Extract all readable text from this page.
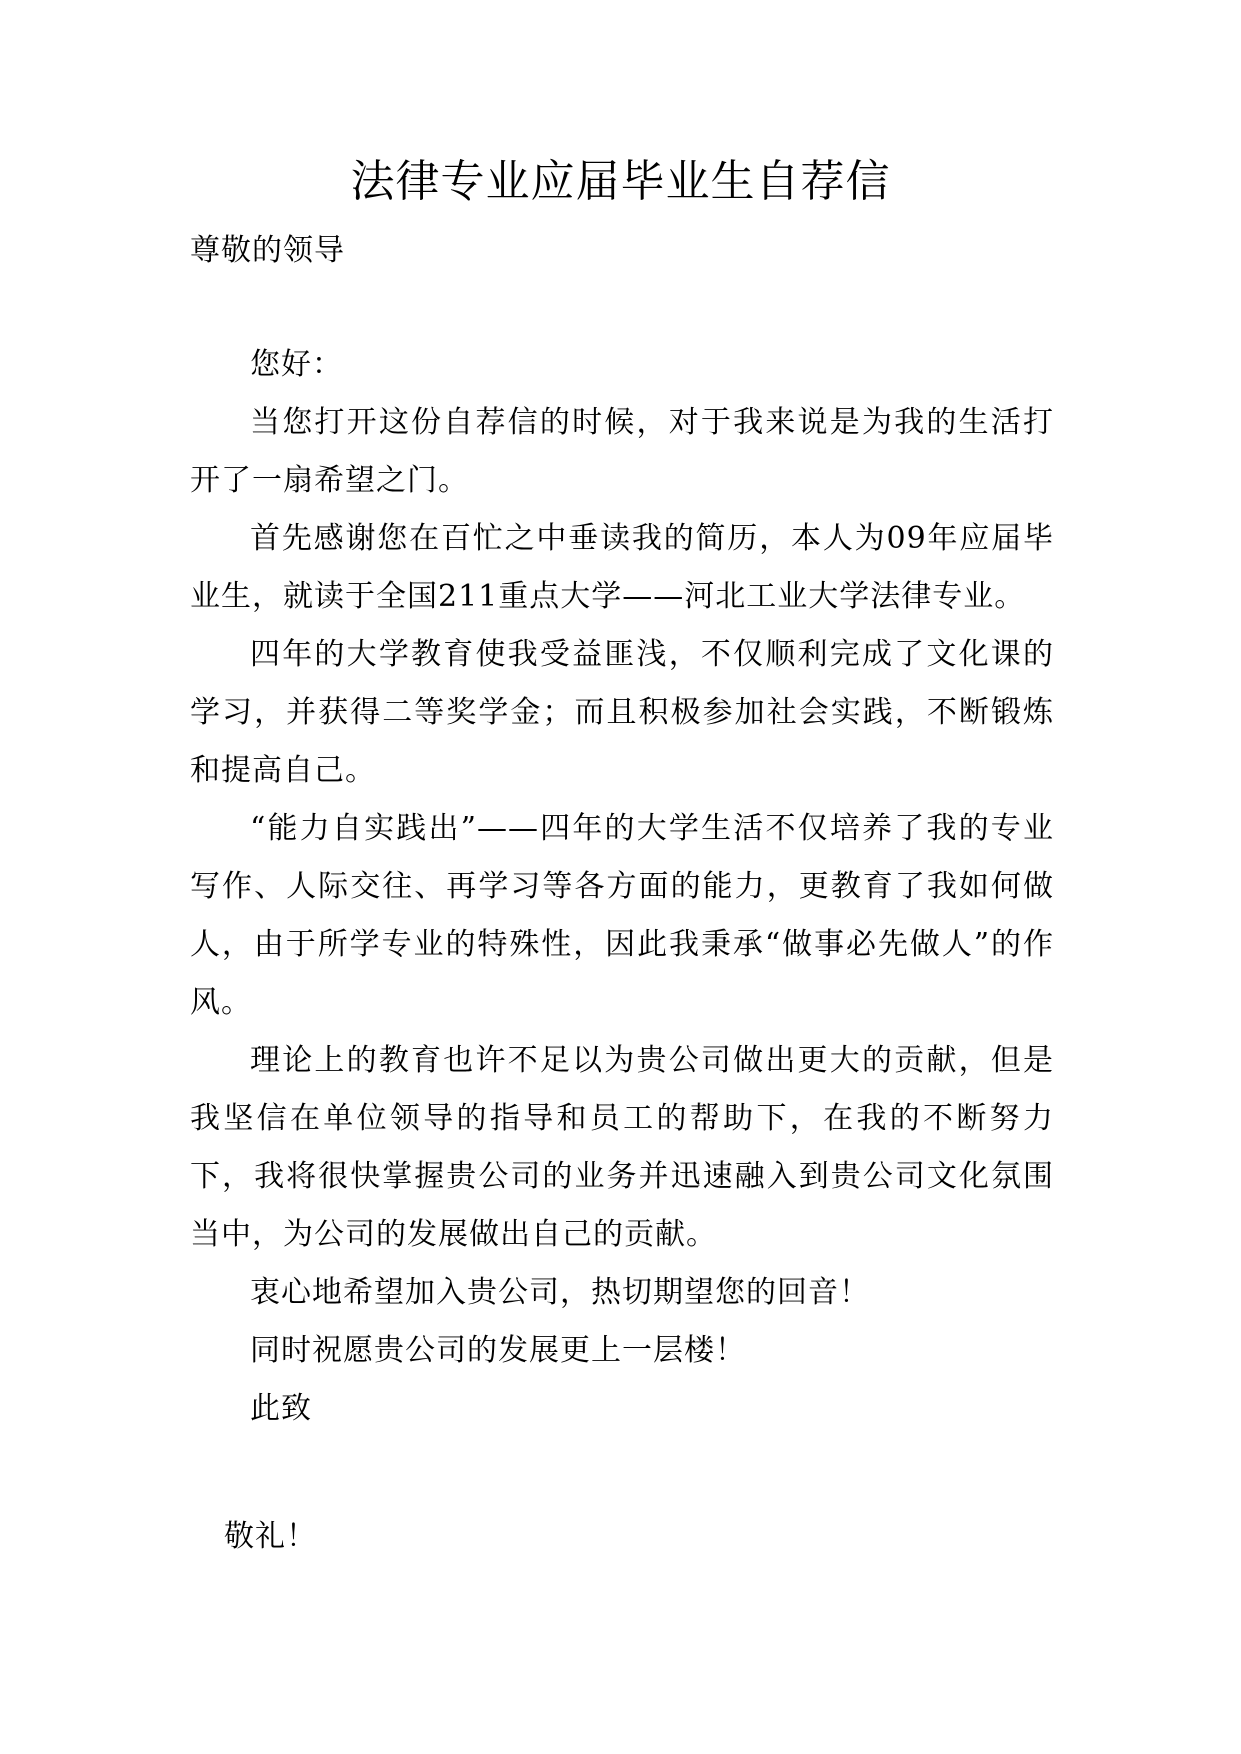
法律专业应届毕业生自荐信
尊敬的领导

您好：

当您打开这份自荐信的时候，对于我来说是为我的生活打开了一扇希望之门。

首先感谢您在百忙之中垂读我的简历，本人为09年应届毕业生，就读于全国211重点大学——河北工业大学法律专业。

四年的大学教育使我受益匪浅，不仅顺利完成了文化课的学习，并获得二等奖学金；而且积极参加社会实践，不断锻炼和提高自己。

“能力自实践出”——四年的大学生活不仅培养了我的专业写作、人际交往、再学习等各方面的能力，更教育了我如何做人，由于所学专业的特殊性，因此我秉承“做事必先做人”的作风。

理论上的教育也许不足以为贵公司做出更大的贡献，但是我坚信在单位领导的指导和员工的帮助下，在我的不断努力下，我将很快掌握贵公司的业务并迅速融入到贵公司文化氛围当中，为公司的发展做出自己的贡献。

衷心地希望加入贵公司，热切期望您的回音！

同时祝愿贵公司的发展更上一层楼！

此致

敬礼！
